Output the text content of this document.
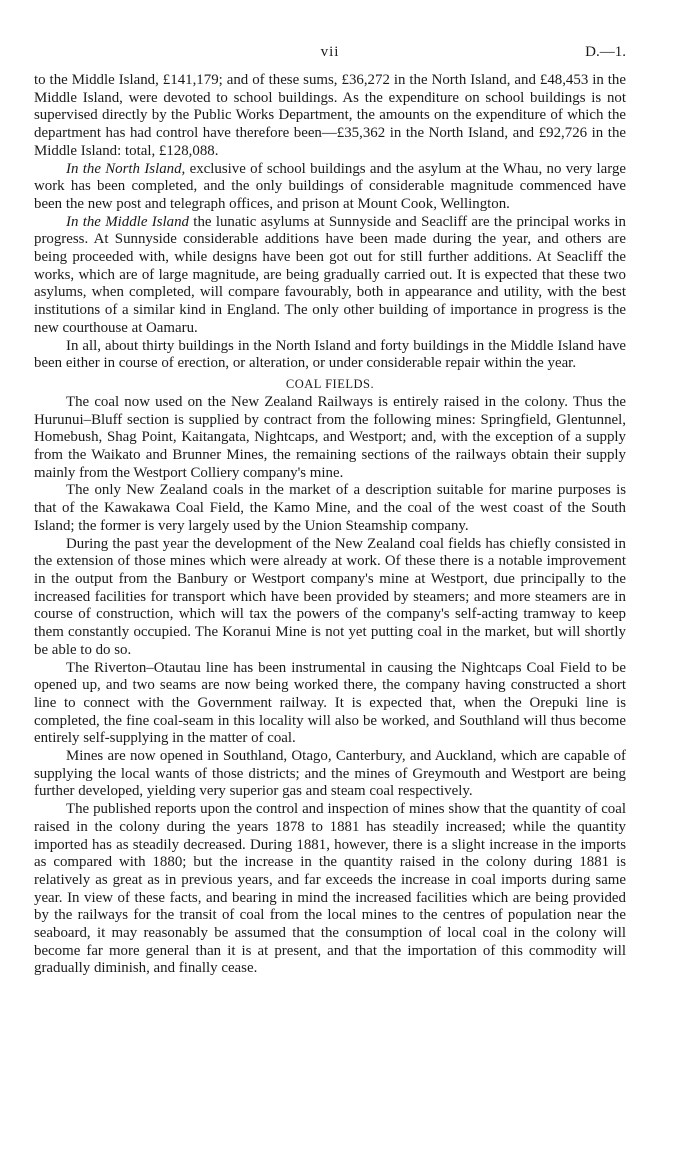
vii	D.—1.

to the Middle Island, £141,179; and of these sums, £36,272 in the North Island, and £48,453 in the Middle Island, were devoted to school buildings. As the expenditure on school buildings is not supervised directly by the Public Works Department, the amounts on the expenditure of which the department has had control have therefore been—£35,362 in the North Island, and £92,726 in the Middle Island: total, £128,088.

In the North Island, exclusive of school buildings and the asylum at the Whau, no very large work has been completed, and the only buildings of considerable magnitude commenced have been the new post and telegraph offices, and prison at Mount Cook, Wellington.

In the Middle Island the lunatic asylums at Sunnyside and Seacliff are the principal works in progress. At Sunnyside considerable additions have been made during the year, and others are being proceeded with, while designs have been got out for still further additions. At Seacliff the works, which are of large magnitude, are being gradually carried out. It is expected that these two asylums, when completed, will compare favourably, both in appearance and utility, with the best institutions of a similar kind in England. The only other building of importance in progress is the new courthouse at Oamaru.

In all, about thirty buildings in the North Island and forty buildings in the Middle Island have been either in course of erection, or alteration, or under considerable repair within the year.

COAL FIELDS.

The coal now used on the New Zealand Railways is entirely raised in the colony. Thus the Hurunui–Bluff section is supplied by contract from the following mines: Springfield, Glentunnel, Homebush, Shag Point, Kaitangata, Nightcaps, and Westport; and, with the exception of a supply from the Waikato and Brunner Mines, the remaining sections of the railways obtain their supply mainly from the Westport Colliery company's mine.

The only New Zealand coals in the market of a description suitable for marine purposes is that of the Kawakawa Coal Field, the Kamo Mine, and the coal of the west coast of the South Island; the former is very largely used by the Union Steamship company.

During the past year the development of the New Zealand coal fields has chiefly consisted in the extension of those mines which were already at work. Of these there is a notable improvement in the output from the Banbury or Westport company's mine at Westport, due principally to the increased facilities for transport which have been provided by steamers; and more steamers are in course of construction, which will tax the powers of the company's self-acting tramway to keep them constantly occupied. The Koranui Mine is not yet putting coal in the market, but will shortly be able to do so.

The Riverton–Otautau line has been instrumental in causing the Nightcaps Coal Field to be opened up, and two seams are now being worked there, the company having constructed a short line to connect with the Government railway. It is expected that, when the Orepuki line is completed, the fine coal-seam in this locality will also be worked, and Southland will thus become entirely self-supplying in the matter of coal.

Mines are now opened in Southland, Otago, Canterbury, and Auckland, which are capable of supplying the local wants of those districts; and the mines of Greymouth and Westport are being further developed, yielding very superior gas and steam coal respectively.

The published reports upon the control and inspection of mines show that the quantity of coal raised in the colony during the years 1878 to 1881 has steadily increased; while the quantity imported has as steadily decreased. During 1881, however, there is a slight increase in the imports as compared with 1880; but the increase in the quantity raised in the colony during 1881 is relatively as great as in previous years, and far exceeds the increase in coal imports during same year. In view of these facts, and bearing in mind the increased facilities which are being provided by the railways for the transit of coal from the local mines to the centres of population near the seaboard, it may reasonably be assumed that the consumption of local coal in the colony will become far more general than it is at present, and that the importation of this commodity will gradually diminish, and finally cease.
